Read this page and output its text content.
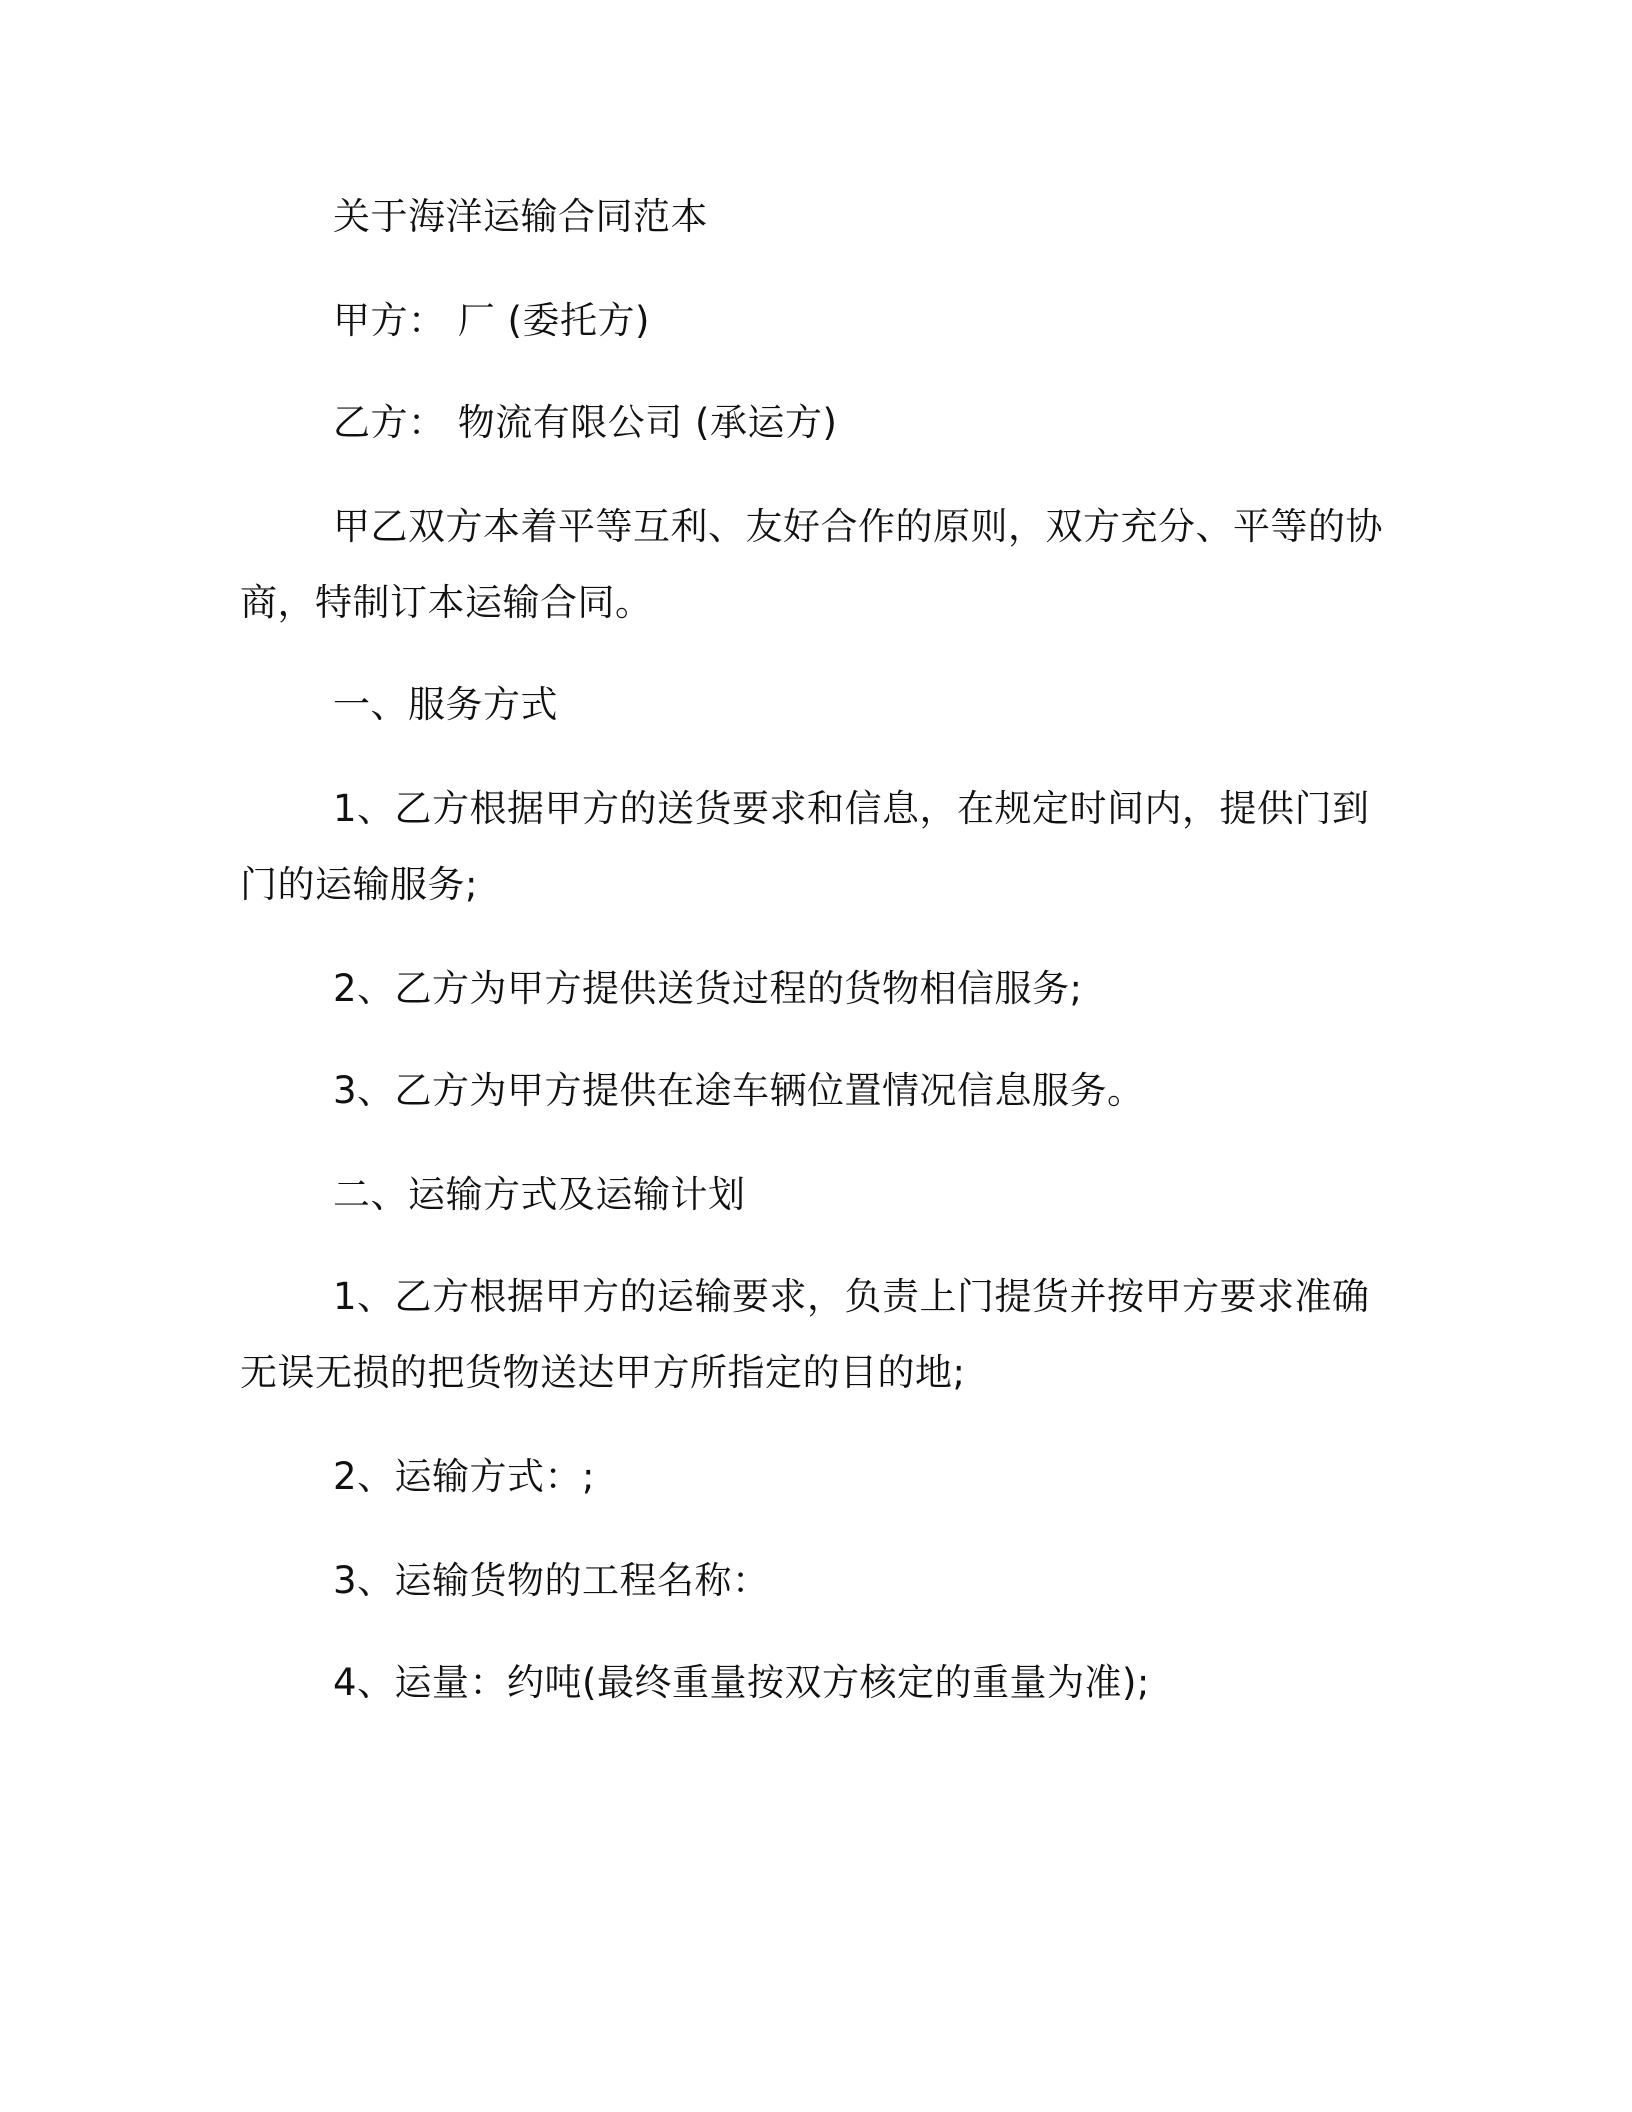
关于海洋运输合同范本
甲方： 厂 (委托方)
乙方： 物流有限公司 (承运方)
甲乙双方本着平等互利、友好合作的原则，双方充分、平等的协
商，特制订本运输合同。
一、服务方式
1、乙方根据甲方的送货要求和信息，在规定时间内，提供门到
门的运输服务;
2、乙方为甲方提供送货过程的货物相信服务;
3、乙方为甲方提供在途车辆位置情况信息服务。
二、运输方式及运输计划
1、乙方根据甲方的运输要求，负责上门提货并按甲方要求准确
无误无损的把货物送达甲方所指定的目的地;
2、运输方式：;
3、运输货物的工程名称：
4、运量：约吨(最终重量按双方核定的重量为准);
